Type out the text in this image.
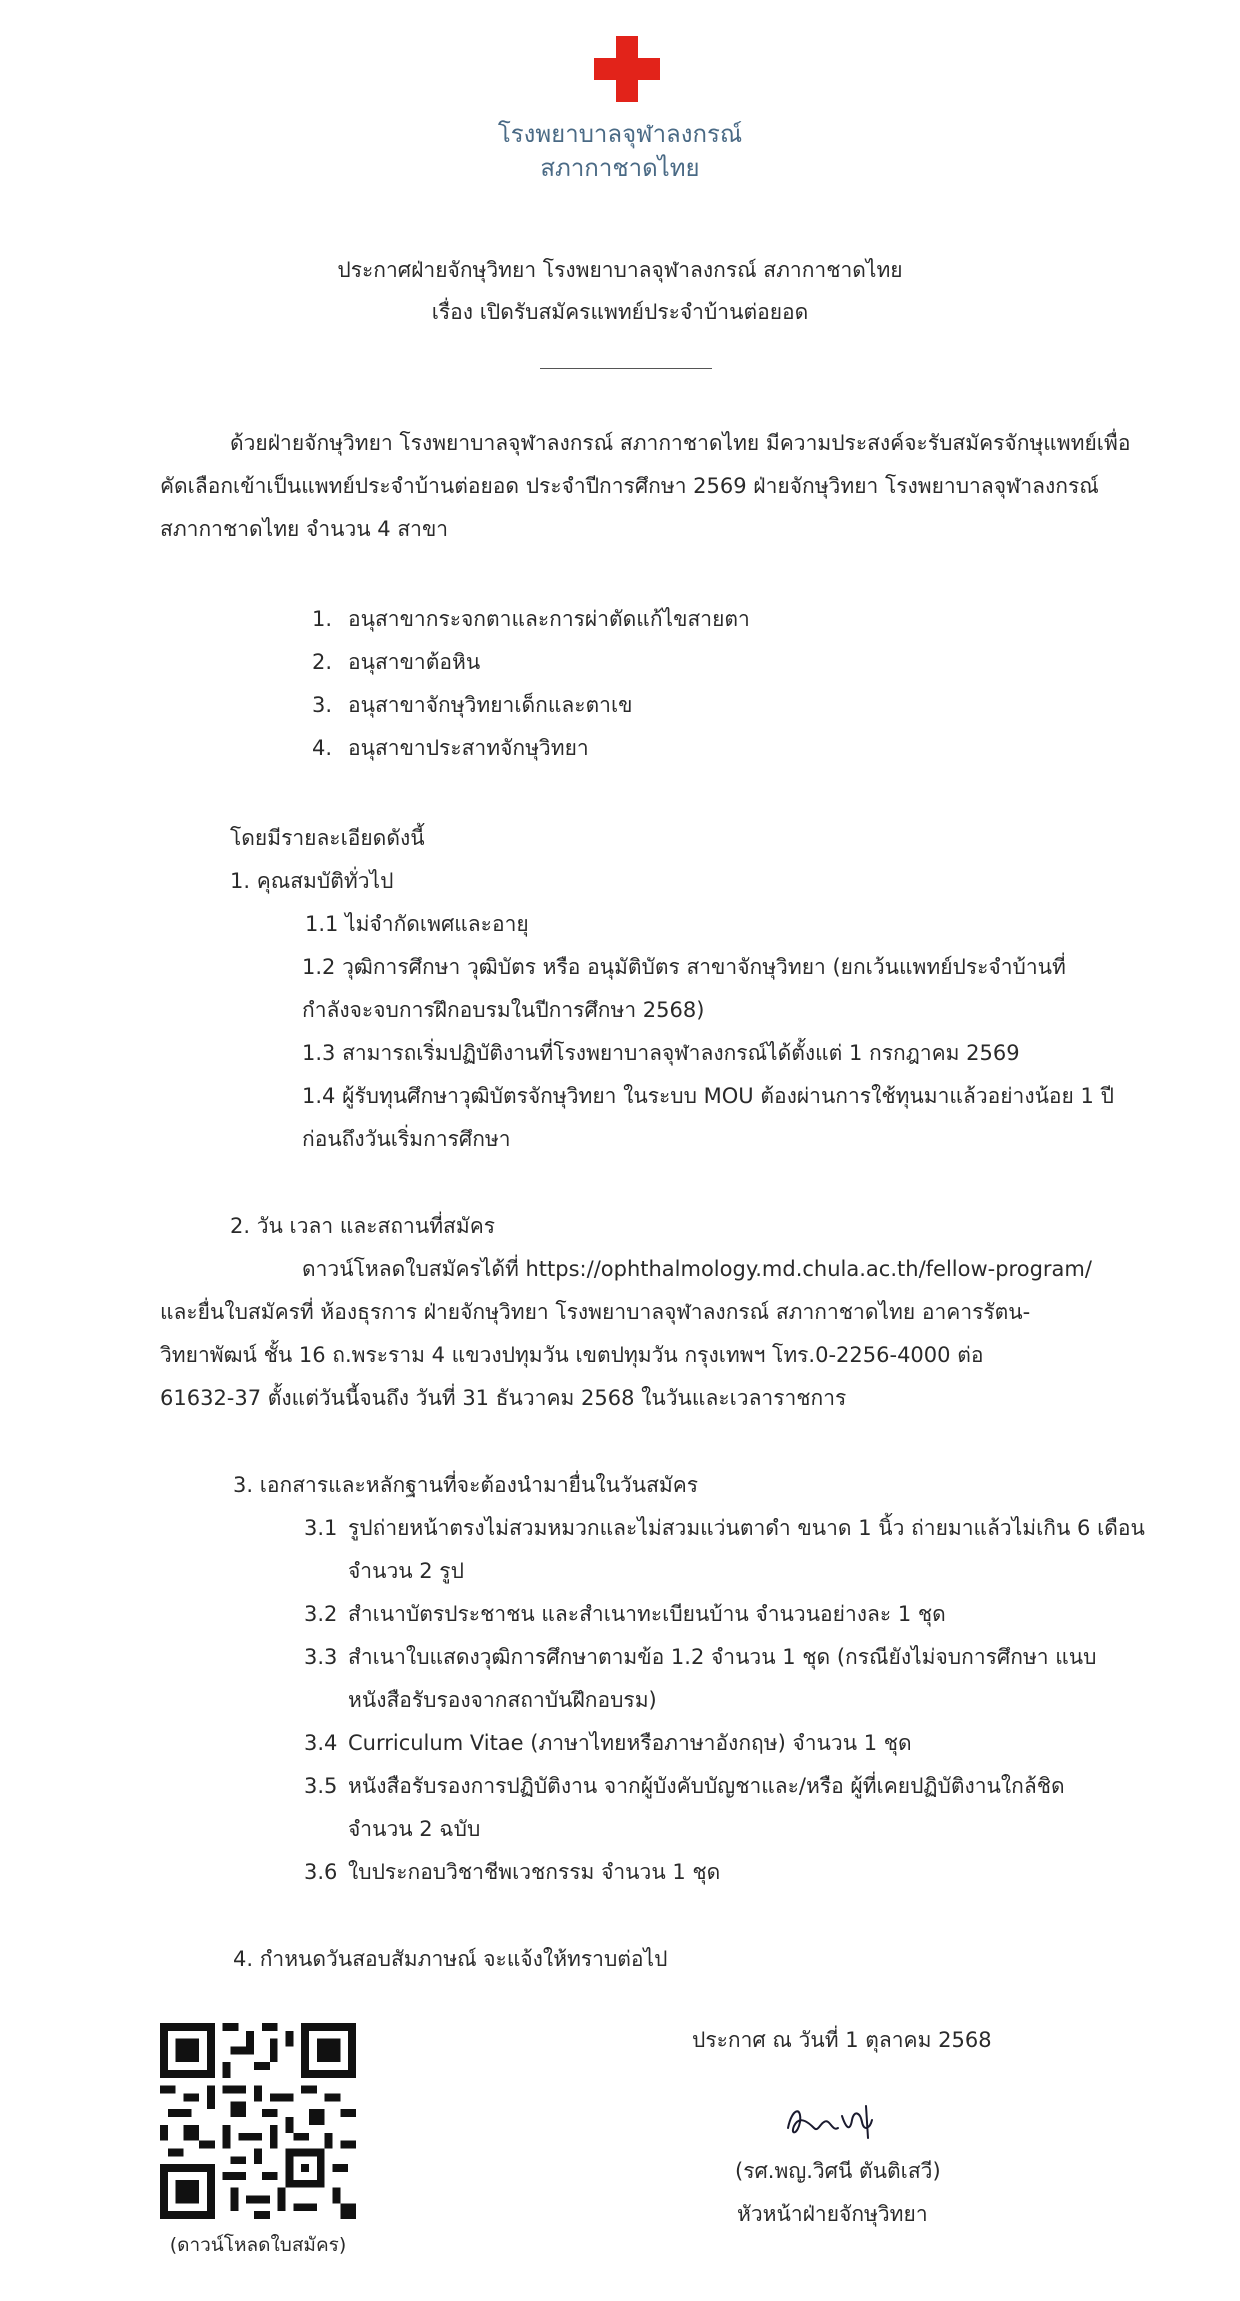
โรงพยาบาลจุฬาลงกรณ์
สภากาชาดไทย
ประกาศฝ่ายจักษุวิทยา โรงพยาบาลจุฬาลงกรณ์ สภากาชาดไทย
เรื่อง เปิดรับสมัครแพทย์ประจำบ้านต่อยอด
ด้วยฝ่ายจักษุวิทยา โรงพยาบาลจุฬาลงกรณ์ สภากาชาดไทย มีความประสงค์จะรับสมัครจักษุแพทย์เพื่อ
คัดเลือกเข้าเป็นแพทย์ประจำบ้านต่อยอด ประจำปีการศึกษา 2569 ฝ่ายจักษุวิทยา โรงพยาบาลจุฬาลงกรณ์
สภากาชาดไทย จำนวน 4 สาขา
1. อนุสาขากระจกตาและการผ่าตัดแก้ไขสายตา
2. อนุสาขาต้อหิน
3. อนุสาขาจักษุวิทยาเด็กและตาเข
4. อนุสาขาประสาทจักษุวิทยา
โดยมีรายละเอียดดังนี้
1. คุณสมบัติทั่วไป
1.1 ไม่จำกัดเพศและอายุ
1.2 วุฒิการศึกษา วุฒิบัตร หรือ อนุมัติบัตร สาขาจักษุวิทยา (ยกเว้นแพทย์ประจำบ้านที่
กำลังจะจบการฝึกอบรมในปีการศึกษา 2568)
1.3 สามารถเริ่มปฏิบัติงานที่โรงพยาบาลจุฬาลงกรณ์ได้ตั้งแต่ 1 กรกฎาคม 2569
1.4 ผู้รับทุนศึกษาวุฒิบัตรจักษุวิทยา ในระบบ MOU ต้องผ่านการใช้ทุนมาแล้วอย่างน้อย 1 ปี
ก่อนถึงวันเริ่มการศึกษา
2. วัน เวลา และสถานที่สมัคร
ดาวน์โหลดใบสมัครได้ที่ https://ophthalmology.md.chula.ac.th/fellow-program/
และยื่นใบสมัครที่ ห้องธุรการ ฝ่ายจักษุวิทยา โรงพยาบาลจุฬาลงกรณ์ สภากาชาดไทย อาคารรัตน-
วิทยาพัฒน์ ชั้น 16 ถ.พระราม 4 แขวงปทุมวัน เขตปทุมวัน กรุงเทพฯ โทร.0-2256-4000 ต่อ
61632-37 ตั้งแต่วันนี้จนถึง วันที่ 31 ธันวาคม 2568 ในวันและเวลาราชการ
3. เอกสารและหลักฐานที่จะต้องนำมายื่นในวันสมัคร
3.1 รูปถ่ายหน้าตรงไม่สวมหมวกและไม่สวมแว่นตาดำ ขนาด 1 นิ้ว ถ่ายมาแล้วไม่เกิน 6 เดือน
จำนวน 2 รูป
3.2 สำเนาบัตรประชาชน และสำเนาทะเบียนบ้าน จำนวนอย่างละ 1 ชุด
3.3 สำเนาใบแสดงวุฒิการศึกษาตามข้อ 1.2 จำนวน 1 ชุด (กรณียังไม่จบการศึกษา แนบ
หนังสือรับรองจากสถาบันฝึกอบรม)
3.4 Curriculum Vitae (ภาษาไทยหรือภาษาอังกฤษ) จำนวน 1 ชุด
3.5 หนังสือรับรองการปฏิบัติงาน จากผู้บังคับบัญชาและ/หรือ ผู้ที่เคยปฏิบัติงานใกล้ชิด
จำนวน 2 ฉบับ
3.6 ใบประกอบวิชาชีพเวชกรรม จำนวน 1 ชุด
4. กำหนดวันสอบสัมภาษณ์ จะแจ้งให้ทราบต่อไป
(ดาวน์โหลดใบสมัคร)
ประกาศ ณ วันที่ 1 ตุลาคม 2568
(รศ.พญ.วิศนี ตันติเสวี)
หัวหน้าฝ่ายจักษุวิทยา
